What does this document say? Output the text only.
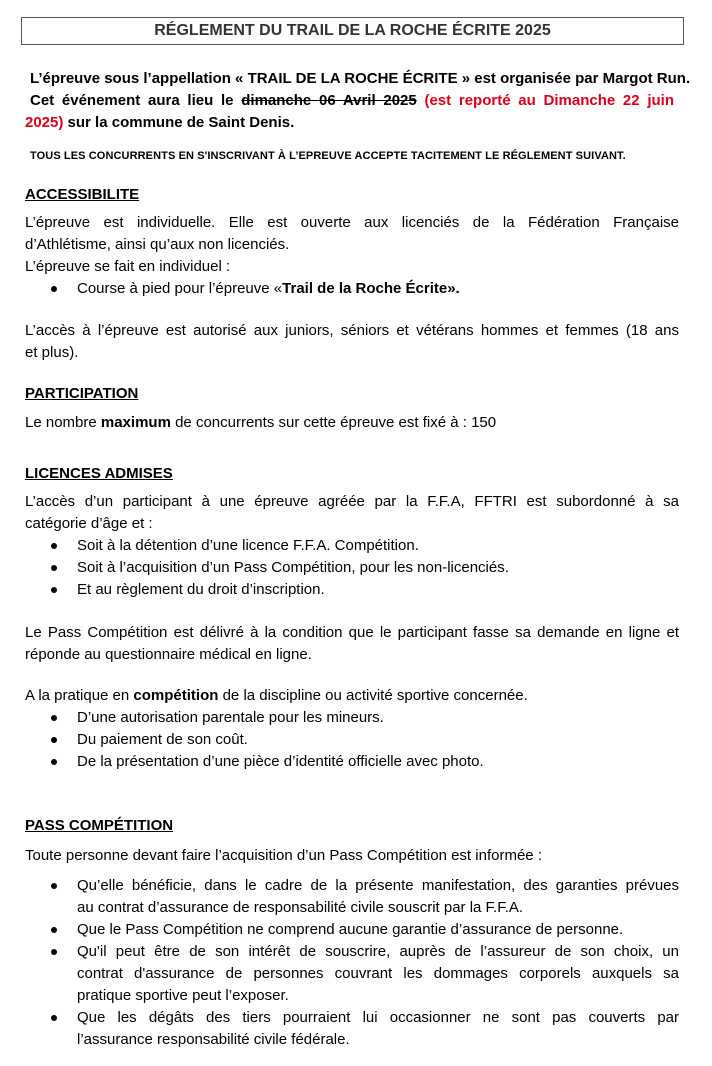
RÉGLEMENT DU TRAIL DE LA ROCHE ÉCRITE 2025
L’épreuve sous l’appellation « TRAIL DE LA ROCHE ÉCRITE » est organisée par Margot Run.
Cet événement aura lieu le dimanche 06 Avril 2025 (est reporté au Dimanche 22 juin
2025) sur la commune de Saint Denis.
TOUS LES CONCURRENTS EN S'INSCRIVANT À L’EPREUVE ACCEPTE TACITEMENT LE RÉGLEMENT SUIVANT.
ACCESSIBILITE
L’épreuve est individuelle. Elle est ouverte aux licenciés de la Fédération Française
d’Athlétisme, ainsi qu’aux non licenciés.
L’épreuve se fait en individuel :
Course à pied pour l’épreuve «Trail de la Roche Écrite».
L’accès à l’épreuve est autorisé aux juniors, séniors et vétérans hommes et femmes (18 ans
et plus).
PARTICIPATION
Le nombre maximum de concurrents sur cette épreuve est fixé à : 150
LICENCES ADMISES
L’accès d’un participant à une épreuve agréée par la F.F.A, FFTRI est subordonné à sa
catégorie d’âge et :
Soit à la détention d’une licence F.F.A. Compétition.
Soit à l’acquisition d’un Pass Compétition, pour les non-licenciés.
Et au règlement du droit d’inscription.
Le Pass Compétition est délivré à la condition que le participant fasse sa demande en ligne et
réponde au questionnaire médical en ligne.
A la pratique en compétition de la discipline ou activité sportive concernée.
D’une autorisation parentale pour les mineurs.
Du paiement de son coût.
De la présentation d’une pièce d’identité officielle avec photo.
PASS COMPÉTITION
Toute personne devant faire l’acquisition d’un Pass Compétition est informée :
Qu’elle bénéficie, dans le cadre de la présente manifestation, des garanties prévues
au contrat d’assurance de responsabilité civile souscrit par la F.F.A.
Que le Pass Compétition ne comprend aucune garantie d’assurance de personne.
Qu'il peut être de son intérêt de souscrire, auprès de l’assureur de son choix, un
contrat d'assurance de personnes couvrant les dommages corporels auxquels sa
pratique sportive peut l’exposer.
Que les dégâts des tiers pourraient lui occasionner ne sont pas couverts par
l’assurance responsabilité civile fédérale.
